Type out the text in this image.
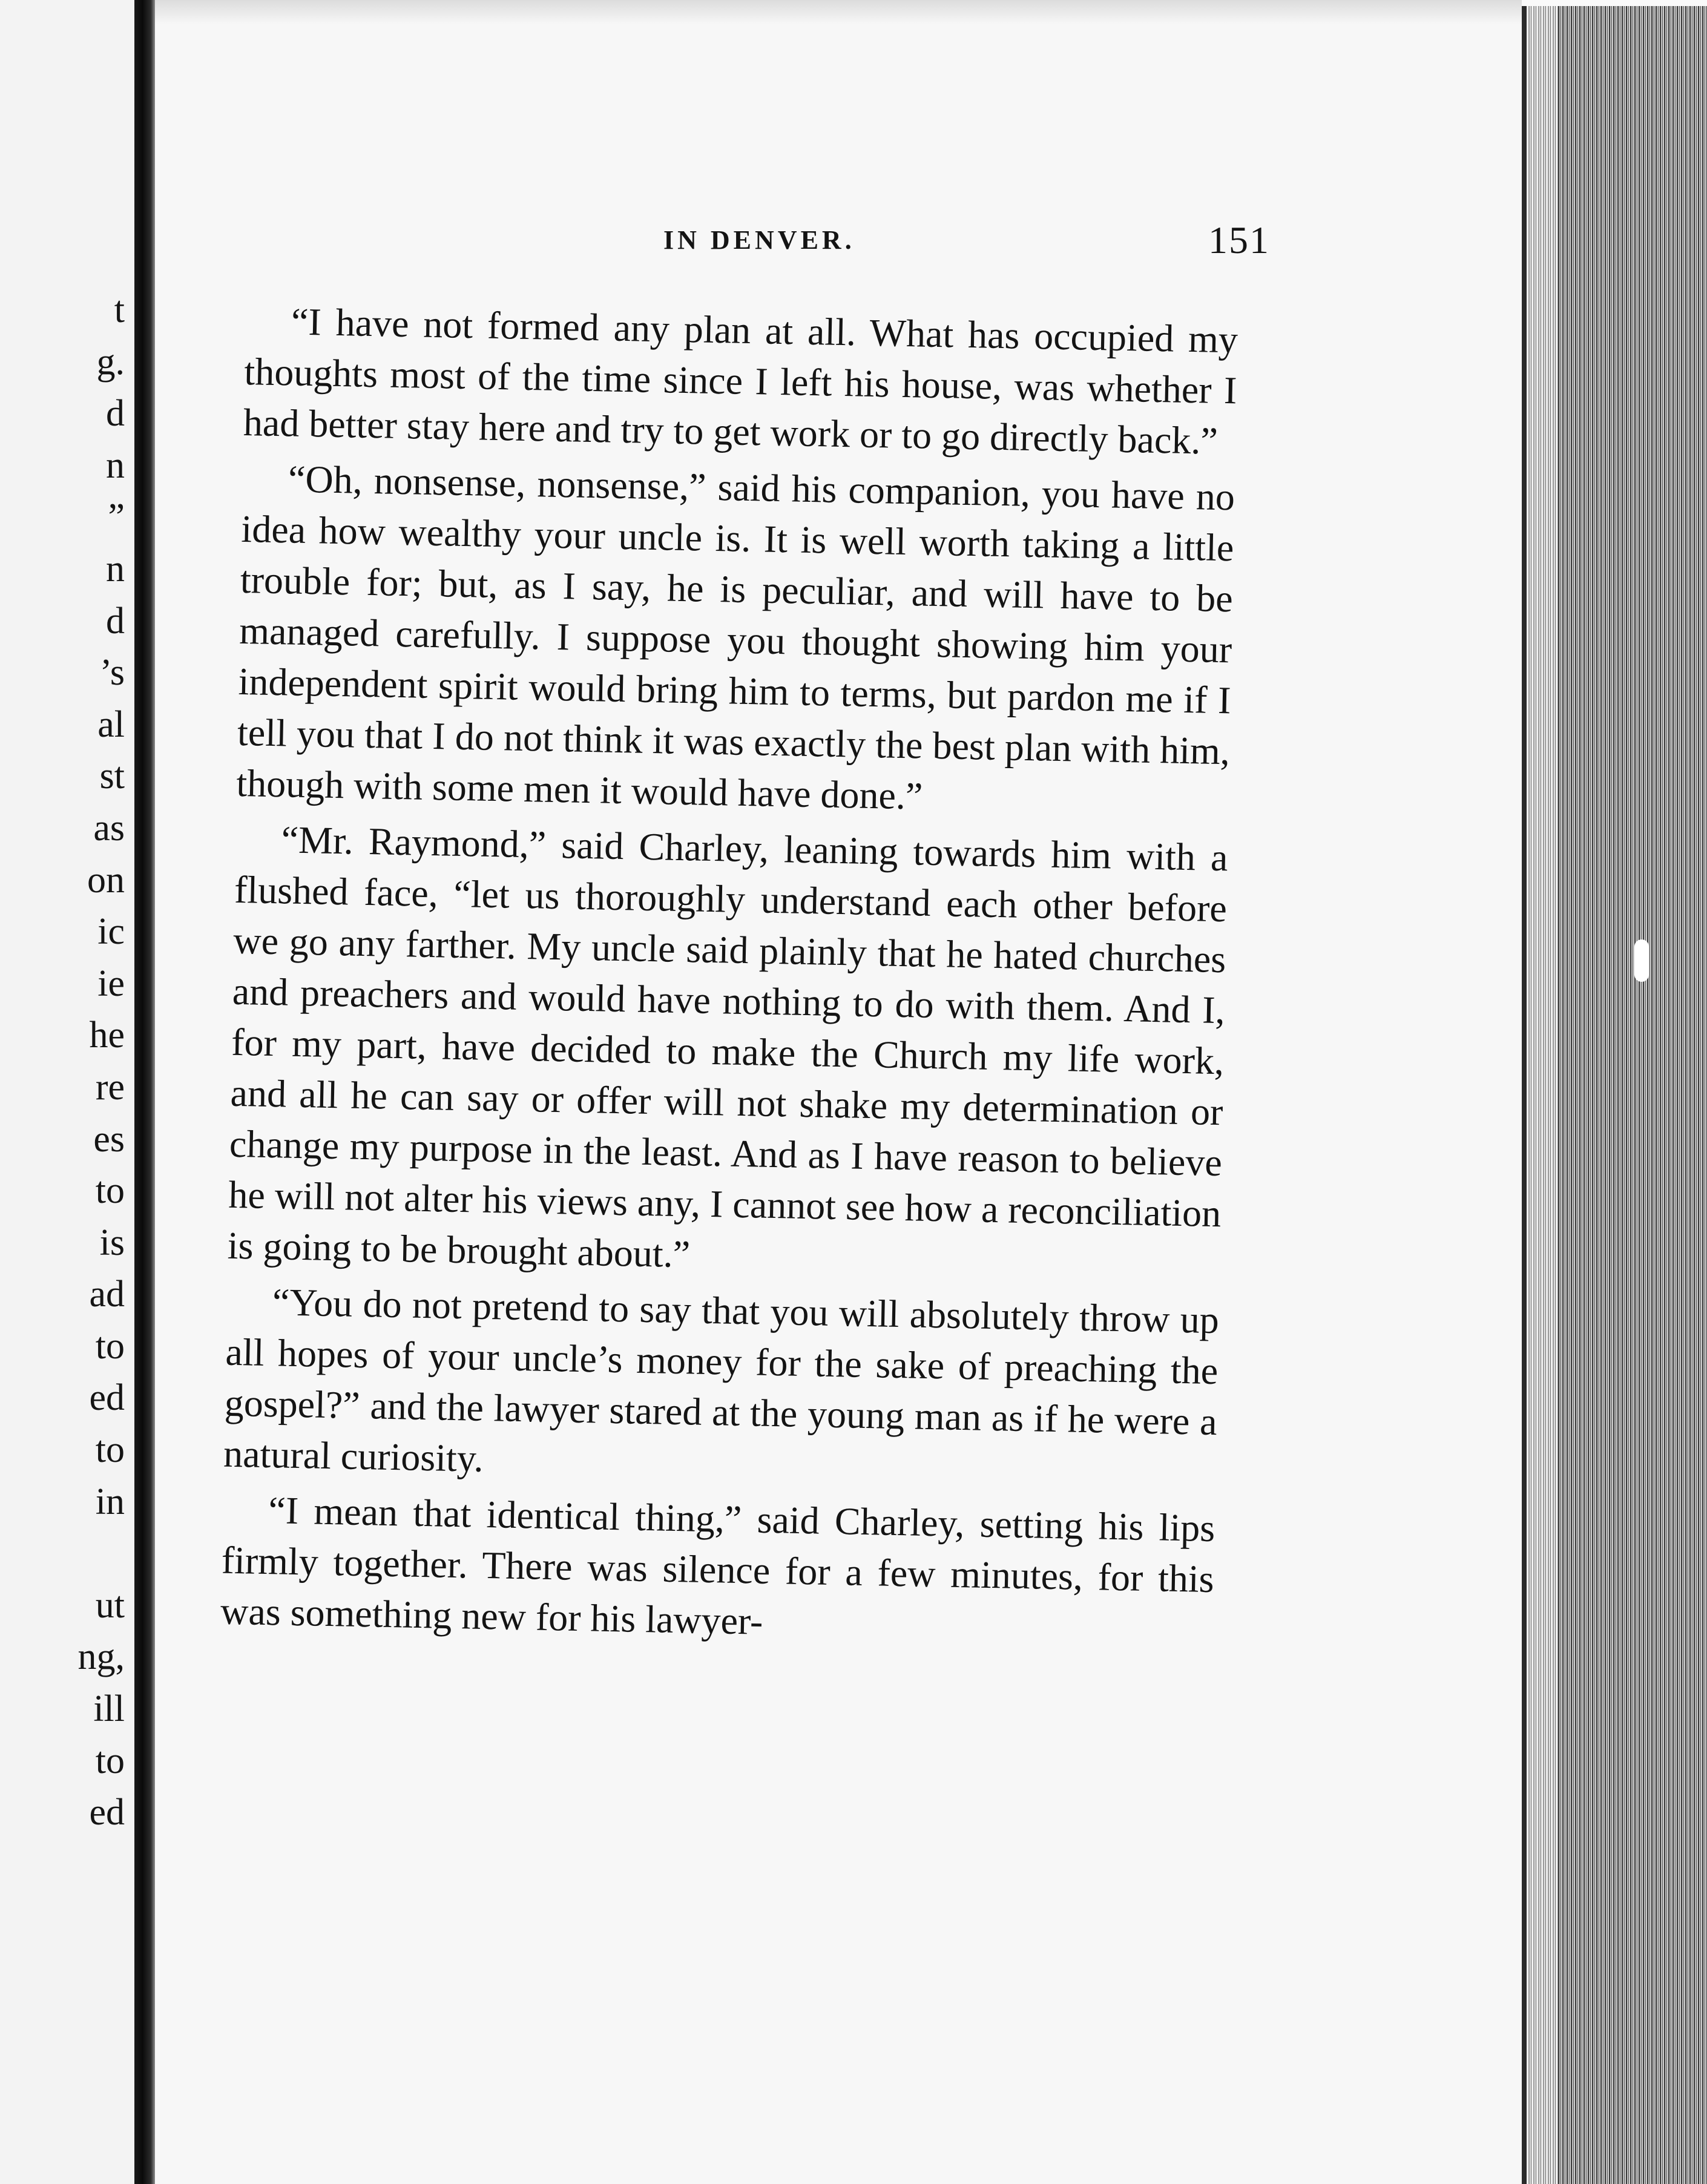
t
g.
d
n
”
n
d
’s
al
st
as
on
ic
ie
he
re
es
to
is
ad
to
ed
to
in
ut
ng,
ill
to
ed
IN DENVER.	151

“I have not formed any plan at all. What has occupied my thoughts most of the time since I left his house, was whether I had better stay here and try to get work or to go directly back.”

“Oh, nonsense, nonsense,” said his companion, you have no idea how wealthy your uncle is. It is well worth taking a little trouble for; but, as I say, he is peculiar, and will have to be managed carefully. I suppose you thought showing him your independent spirit would bring him to terms, but pardon me if I tell you that I do not think it was exactly the best plan with him, though with some men it would have done.”

“Mr. Raymond,” said Charley, leaning towards him with a flushed face, “let us thoroughly understand each other before we go any farther. My uncle said plainly that he hated churches and preachers and would have nothing to do with them. And I, for my part, have decided to make the Church my life work, and all he can say or offer will not shake my determination or change my purpose in the least. And as I have reason to believe he will not alter his views any, I cannot see how a reconciliation is going to be brought about.”

“You do not pretend to say that you will absolutely throw up all hopes of your uncle’s money for the sake of preaching the gospel?” and the lawyer stared at the young man as if he were a natural curiosity.

“I mean that identical thing,” said Charley, setting his lips firmly together. There was silence for a few minutes, for this was something new for his lawyer-
